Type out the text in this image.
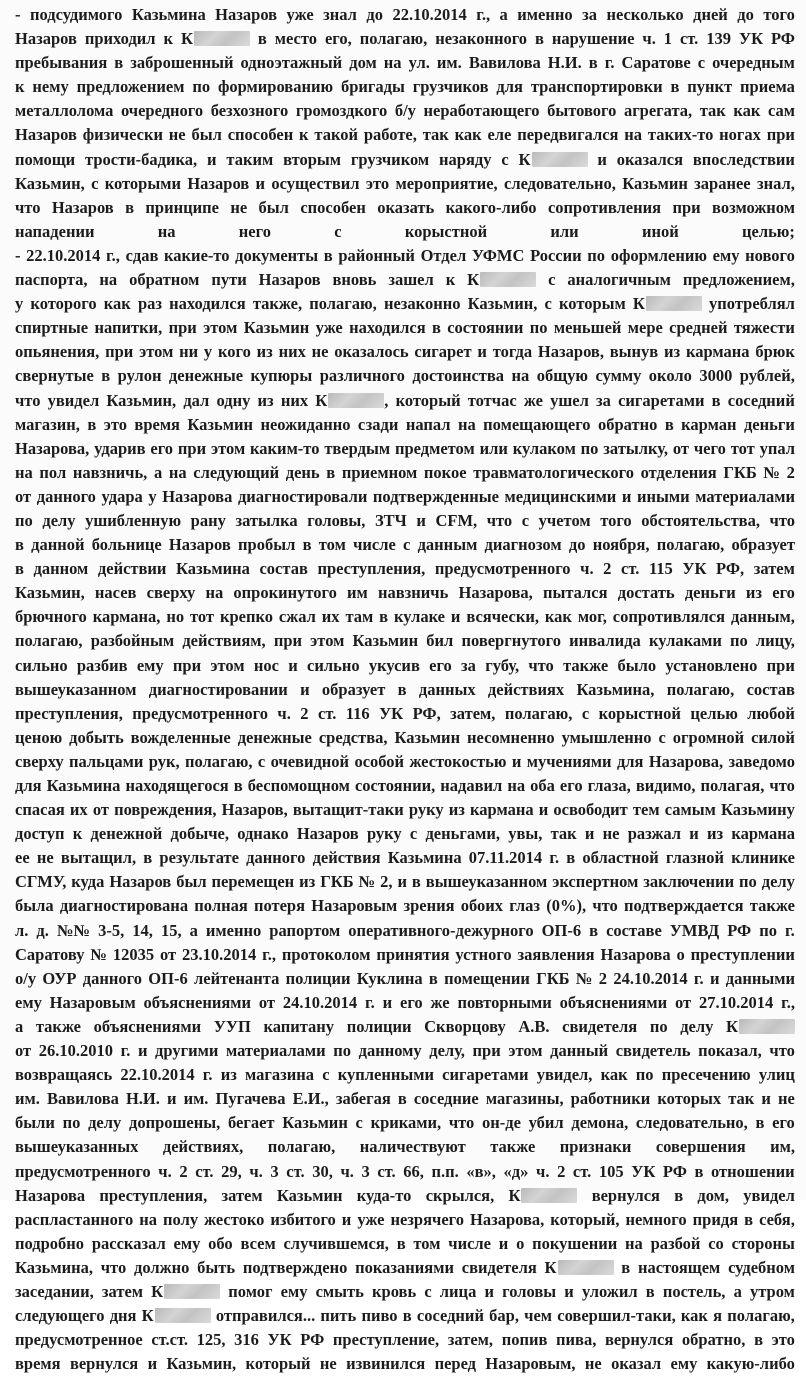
- подсудимого Казьмина Назаров уже знал до 22.10.2014 г., а именно за несколько дней до того
Назаров приходил к К	в место его, полагаю, незаконного в нарушение ч. 1 ст. 139 УК РФ
пребывания в заброшенный одноэтажный дом на ул. им. Вавилова Н.И. в г. Саратове с очередным
к нему предложением по формированию бригады грузчиков для транспортировки в пункт приема
металлолома очередного безхозного громоздкого б/у неработающего бытового агрегата, так как сам
Назаров физически не был способен к такой работе, так как еле передвигался на таких-то ногах при
помощи трости-бадика, и таким вторым грузчиком наряду с К	и оказался впоследствии
Казьмин, с которыми Назаров и осуществил это мероприятие, следовательно, Казьмин заранее знал,
что Назаров в принципе не был способен оказать какого-либо сопротивления при возможном
нападении	на	него	с	корыстной	или	иной	целью;
- 22.10.2014 г., сдав какие-то документы в районный Отдел УФМС России по оформлению ему нового
паспорта, на обратном пути Назаров вновь зашел к К	с аналогичным предложением,
у которого как раз находился также, полагаю, незаконно Казьмин, с которым К	употреблял
спиртные напитки, при этом Казьмин уже находился в состоянии по меньшей мере средней тяжести
опьянения, при этом ни у кого из них не оказалось сигарет и тогда Назаров, вынув из кармана брюк
свернутые в рулон денежные купюры различного достоинства на общую сумму около 3000 рублей,
что увидел Казьмин, дал одну из них К	, который тотчас же ушел за сигаретами в соседний
магазин, в это время Казьмин неожиданно сзади напал на помещающего обратно в карман деньги
Назарова, ударив его при этом каким-то твердым предметом или кулаком по затылку, от чего тот упал
на пол навзничь, а на следующий день в приемном покое травматологического отделения ГКБ № 2
от данного удара у Назарова диагностировали подтвержденные медицинскими и иными материалами
по делу ушибленную рану затылка головы, ЗТЧ и CFM, что с учетом того обстоятельства, что
в данной больнице Назаров пробыл в том числе с данным диагнозом до ноября, полагаю, образует
в данном действии Казьмина состав преступления, предусмотренного ч. 2 ст. 115 УК РФ, затем
Казьмин, насев сверху на опрокинутого им навзничь Назарова, пытался достать деньги из его
брючного кармана, но тот крепко сжал их там в кулаке и всячески, как мог, сопротивлялся данным,
полагаю, разбойным действиям, при этом Казьмин бил повергнутого инвалида кулаками по лицу,
сильно разбив ему при этом нос и сильно укусив его за губу, что также было установлено при
вышеуказанном диагностировании и образует в данных действиях Казьмина, полагаю, состав
преступления, предусмотренного ч. 2 ст. 116 УК РФ, затем, полагаю, с корыстной целью любой
ценою добыть вожделенные денежные средства, Казьмин несомненно умышленно с огромной силой
сверху пальцами рук, полагаю, с очевидной особой жестокостью и мучениями для Назарова, заведомо
для Казьмина находящегося в беспомощном состоянии, надавил на оба его глаза, видимо, полагая, что
спасая их от повреждения, Назаров, вытащит-таки руку из кармана и освободит тем самым Казьмину
доступ к денежной добыче, однако Назаров руку с деньгами, увы, так и не разжал и из кармана
ее не вытащил, в результате данного действия Казьмина 07.11.2014 г. в областной глазной клинике
СГМУ, куда Назаров был перемещен из ГКБ № 2, и в вышеуказанном экспертном заключении по делу
была диагностирована полная потеря Назаровым зрения обоих глаз (0%), что подтверждается также
л. д. №№ 3-5, 14, 15, а именно рапортом оперативного-дежурного ОП-6 в составе УМВД РФ по г.
Саратову № 12035 от 23.10.2014 г., протоколом принятия устного заявления Назарова о преступлении
о/у ОУР данного ОП-6 лейтенанта полиции Куклина в помещении ГКБ № 2 24.10.2014 г. и данными
ему Назаровым объяснениями от 24.10.2014 г. и его же повторными объяснениями от 27.10.2014 г.,
а также объяснениями УУП капитану полиции Скворцову А.В. свидетеля по делу К
от 26.10.2010 г. и другими материалами по данному делу, при этом данный свидетель показал, что
возвращаясь 22.10.2014 г. из магазина с купленными сигаретами увидел, как по пресечению улиц
им. Вавилова Н.И. и им. Пугачева Е.И., забегая в соседние магазины, работники которых так и не
были по делу допрошены, бегает Казьмин с криками, что он-де убил демона, следовательно, в его
вышеуказанных действиях, полагаю, наличествуют также признаки совершения им,
предусмотренного ч. 2 ст. 29, ч. 3 ст. 30, ч. 3 ст. 66, п.п. «в», «д» ч. 2 ст. 105 УК РФ в отношении
Назарова преступления, затем Казьмин куда-то скрылся, К	вернулся в дом, увидел
распластанного на полу жестоко избитого и уже незрячего Назарова, который, немного придя в себя,
подробно рассказал ему обо всем случившемся, в том числе и о покушении на разбой со стороны
Казьмина, что должно быть подтверждено показаниями свидетеля К	в настоящем судебном
заседании, затем К	помог ему смыть кровь с лица и головы и уложил в постель, а утром
следующего дня К	отправился... пить пиво в соседний бар, чем совершил-таки, как я полагаю,
предусмотренное ст.ст. 125, 316 УК РФ преступление, затем, попив пива, вернулся обратно, в это
время вернулся и Казьмин, который не извинился перед Назаровым, не оказал ему какую-либо
